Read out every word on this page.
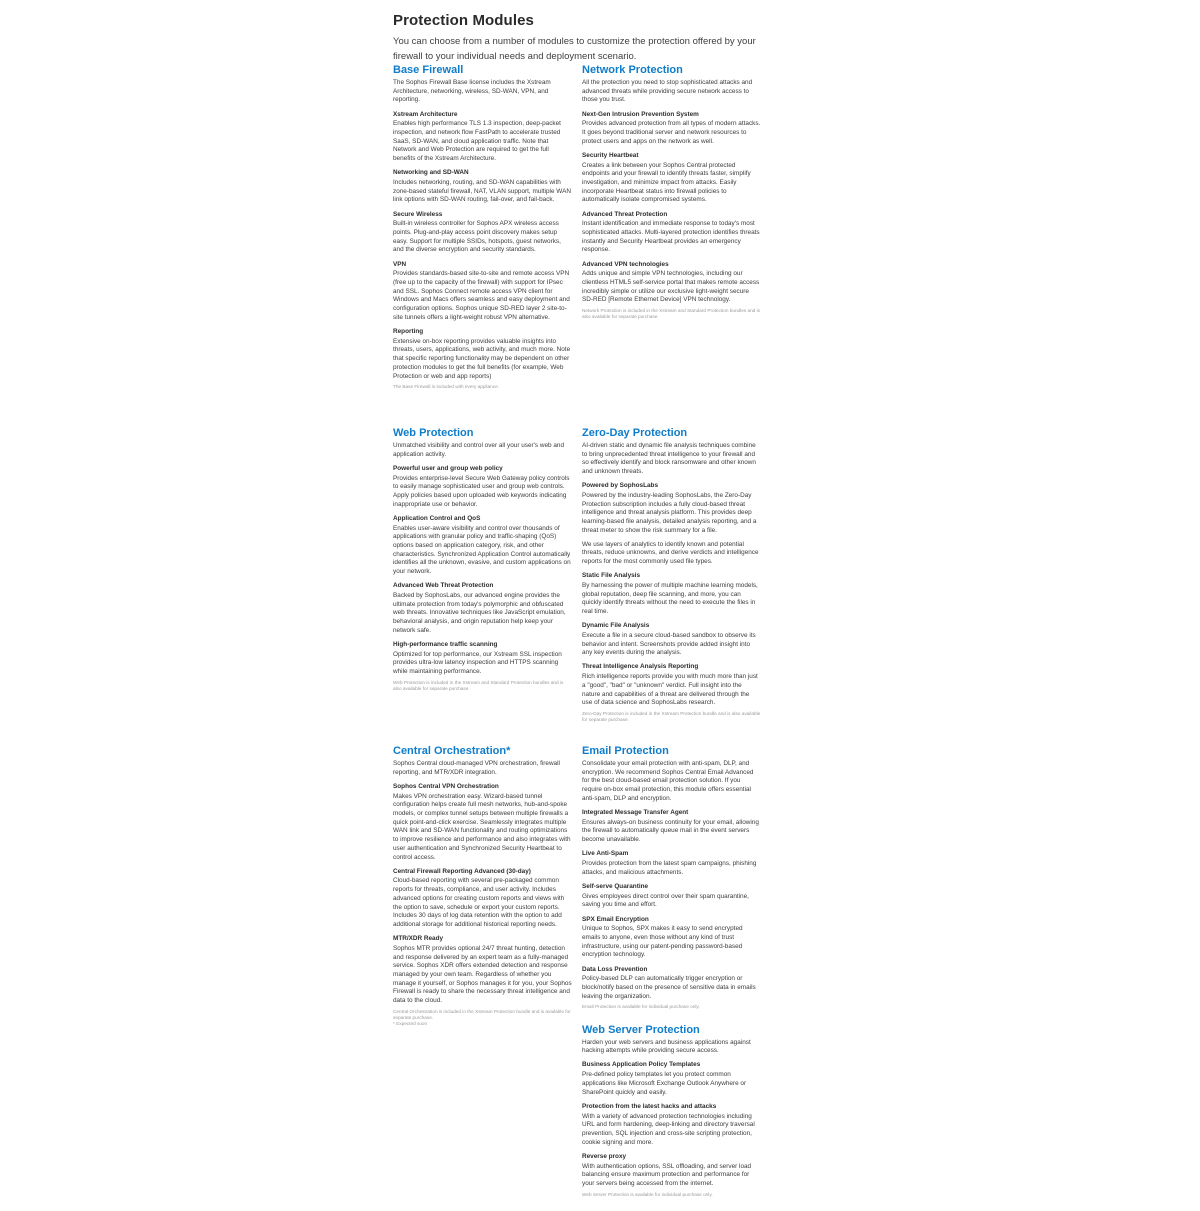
Protection Modules

You can choose from a number of modules to customize the protection offered by your firewall to your individual needs and deployment scenario.

Base Firewall

The Sophos Firewall Base license includes the Xstream Architecture, networking, wireless, SD-WAN, VPN, and reporting.

Xstream Architecture

Enables high performance TLS 1.3 inspection, deep-packet inspection, and network flow FastPath to accelerate trusted SaaS, SD-WAN, and cloud application traffic. Note that Network and Web Protection are required to get the full benefits of the Xstream Architecture.

Networking and SD-WAN

Includes networking, routing, and SD-WAN capabilities with zone-based stateful firewall, NAT, VLAN support, multiple WAN link options with SD-WAN routing, fail-over, and fail-back.

Secure Wireless

Built-in wireless controller for Sophos APX wireless access points. Plug-and-play access point discovery makes setup easy. Support for multiple SSIDs, hotspots, guest networks, and the diverse encryption and security standards.

VPN

Provides standards-based site-to-site and remote access VPN (free up to the capacity of the firewall) with support for IPsec and SSL. Sophos Connect remote access VPN client for Windows and Macs offers seamless and easy deployment and configuration options. Sophos unique SD-RED layer 2 site-to-site tunnels offers a light-weight robust VPN alternative.

Reporting

Extensive on-box reporting provides valuable insights into threats, users, applications, web activity, and much more. Note that specific reporting functionality may be dependent on other protection modules to get the full benefits (for example, Web Protection or web and app reports)

The Base Firewall is included with every appliance.

Network Protection

All the protection you need to stop sophisticated attacks and advanced threats while providing secure network access to those you trust.

Next-Gen Intrusion Prevention System

Provides advanced protection from all types of modern attacks. It goes beyond traditional server and network resources to protect users and apps on the network as well.

Security Heartbeat

Creates a link between your Sophos Central protected endpoints and your firewall to identify threats faster, simplify investigation, and minimize impact from attacks. Easily incorporate Heartbeat status into firewall policies to automatically isolate compromised systems.

Advanced Threat Protection

Instant identification and immediate response to today's most sophisticated attacks. Multi-layered protection identifies threats instantly and Security Heartbeat provides an emergency response.

Advanced VPN technologies

Adds unique and simple VPN technologies, including our clientless HTML5 self-service portal that makes remote access incredibly simple or utilize our exclusive light-weight secure SD-RED [Remote Ethernet Device] VPN technology.

Network Protection is included in the Xstream and Standard Protection bundles and is also available for separate purchase.

Web Protection

Unmatched visibility and control over all your user's web and application activity.

Powerful user and group web policy

Provides enterprise-level Secure Web Gateway policy controls to easily manage sophisticated user and group web controls. Apply policies based upon uploaded web keywords indicating inappropriate use or behavior.

Application Control and QoS

Enables user-aware visibility and control over thousands of applications with granular policy and traffic-shaping (QoS) options based on application category, risk, and other characteristics. Synchronized Application Control automatically identifies all the unknown, evasive, and custom applications on your network.

Advanced Web Threat Protection

Backed by SophosLabs, our advanced engine provides the ultimate protection from today's polymorphic and obfuscated web threats. Innovative techniques like JavaScript emulation, behavioral analysis, and origin reputation help keep your network safe.

High-performance traffic scanning

Optimized for top performance, our Xstream SSL inspection provides ultra-low latency inspection and HTTPS scanning while maintaining performance.

Web Protection is included in the Xstream and Standard Protection bundles and is also available for separate purchase.

Zero-Day Protection

AI-driven static and dynamic file analysis techniques combine to bring unprecedented threat intelligence to your firewall and so effectively identify and block ransomware and other known and unknown threats.

Powered by SophosLabs

Powered by the industry-leading SophosLabs, the Zero-Day Protection subscription includes a fully cloud-based threat intelligence and threat analysis platform. This provides deep learning-based file analysis, detailed analysis reporting, and a threat meter to show the risk summary for a file.

We use layers of analytics to identify known and potential threats, reduce unknowns, and derive verdicts and intelligence reports for the most commonly used file types.

Static File Analysis

By harnessing the power of multiple machine learning models, global reputation, deep file scanning, and more, you can quickly identify threats without the need to execute the files in real time.

Dynamic File Analysis

Execute a file in a secure cloud-based sandbox to observe its behavior and intent. Screenshots provide added insight into any key events during the analysis.

Threat Intelligence Analysis Reporting

Rich intelligence reports provide you with much more than just a "good", "bad" or "unknown" verdict. Full insight into the nature and capabilities of a threat are delivered through the use of data science and SophosLabs research.

Zero-Day Protection is included in the Xstream Protection bundle and is also available for separate purchase.

Central Orchestration*

Sophos Central cloud-managed VPN orchestration, firewall reporting, and MTR/XDR integration.

Sophos Central VPN Orchestration

Makes VPN orchestration easy. Wizard-based tunnel configuration helps create full mesh networks, hub-and-spoke models, or complex tunnel setups between multiple firewalls a quick point-and-click exercise. Seamlessly integrates multiple WAN link and SD-WAN functionality and routing optimizations to improve resilience and performance and also integrates with user authentication and Synchronized Security Heartbeat to control access.

Central Firewall Reporting Advanced (30-day)

Cloud-based reporting with several pre-packaged common reports for threats, compliance, and user activity. Includes advanced options for creating custom reports and views with the option to save, schedule or export your custom reports. Includes 30 days of log data retention with the option to add additional storage for additional historical reporting needs.

MTR/XDR Ready

Sophos MTR provides optional 24/7 threat hunting, detection and response delivered by an expert team as a fully-managed service. Sophos XDR offers extended detection and response managed by your own team. Regardless of whether you manage it yourself, or Sophos manages it for you, your Sophos Firewall is ready to share the necessary threat intelligence and data to the cloud.

Central Orchestration is included in the Xstream Protection bundle and is available for separate purchase.

* Expected soon

Email Protection

Consolidate your email protection with anti-spam, DLP, and encryption. We recommend Sophos Central Email Advanced for the best cloud-based email protection solution. If you require on-box email protection, this module offers essential anti-spam, DLP and encryption.

Integrated Message Transfer Agent

Ensures always-on business continuity for your email, allowing the firewall to automatically queue mail in the event servers become unavailable.

Live Anti-Spam

Provides protection from the latest spam campaigns, phishing attacks, and malicious attachments.

Self-serve Quarantine

Gives employees direct control over their spam quarantine, saving you time and effort.

SPX Email Encryption

Unique to Sophos, SPX makes it easy to send encrypted emails to anyone, even those without any kind of trust infrastructure, using our patent-pending password-based encryption technology.

Data Loss Prevention

Policy-based DLP can automatically trigger encryption or block/notify based on the presence of sensitive data in emails leaving the organization.

Email Protection is available for individual purchase only.

Web Server Protection

Harden your web servers and business applications against hacking attempts while providing secure access.

Business Application Policy Templates

Pre-defined policy templates let you protect common applications like Microsoft Exchange Outlook Anywhere or SharePoint quickly and easily.

Protection from the latest hacks and attacks

With a variety of advanced protection technologies including URL and form hardening, deep-linking and directory traversal prevention, SQL injection and cross-site scripting protection, cookie signing and more.

Reverse proxy

With authentication options, SSL offloading, and server load balancing ensure maximum protection and performance for your servers being accessed from the internet.

Web Server Protection is available for individual purchase only.
